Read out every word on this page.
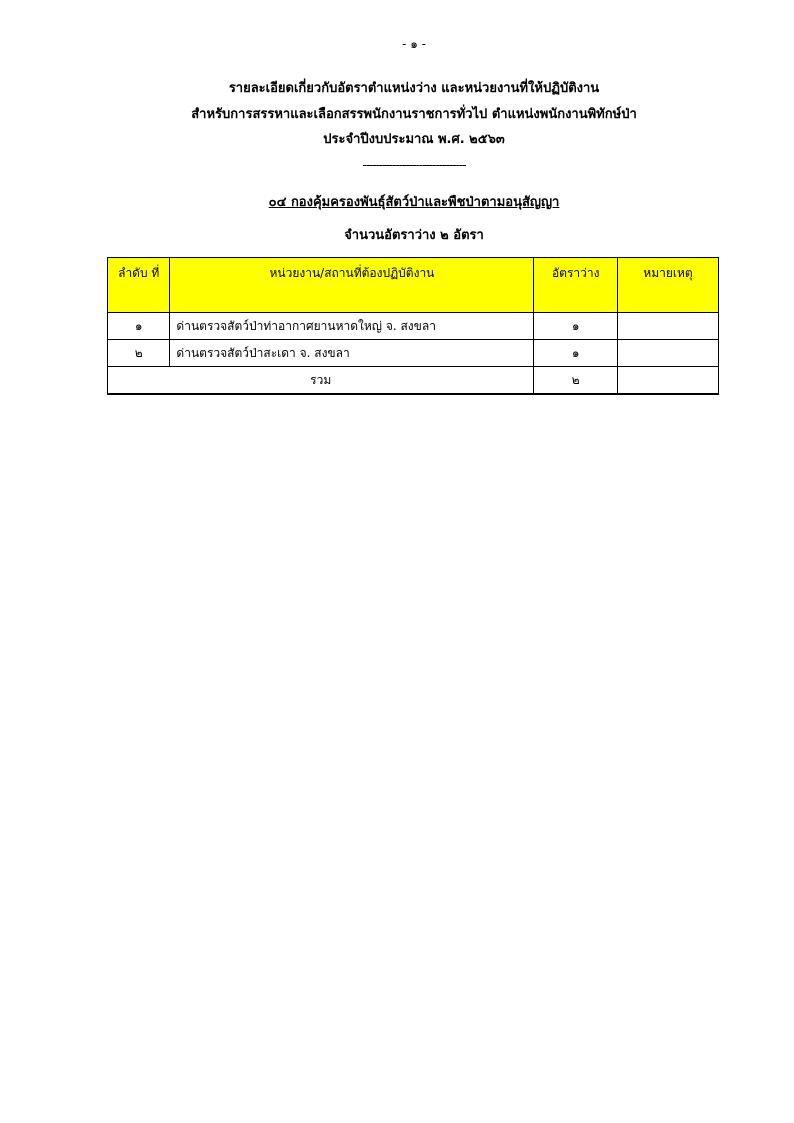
- ๑ -
รายละเอียดเกี่ยวกับอัตราตำแหน่งว่าง และหน่วยงานที่ให้ปฏิบัติงาน
สำหรับการสรรหาและเลือกสรรพนักงานราชการทั่วไป ตำแหน่งพนักงานพิทักษ์ป่า
ประจำปีงบประมาณ พ.ศ. ๒๕๖๓
-------------------------------
๐๔ กองคุ้มครองพันธุ์สัตว์ป่าและพืชป่าตามอนุสัญญา
จำนวนอัตราว่าง ๒ อัตรา
ลำดับ ที่	หน่วยงาน/สถานที่ต้องปฏิบัติงาน	อัตราว่าง	หมายเหตุ
๑	ด่านตรวจสัตว์ป่าท่าอากาศยานหาดใหญ่ จ. สงขลา	๑	
๒	ด่านตรวจสัตว์ป่าสะเดา จ. สงขลา	๑	
รวม		๒	
